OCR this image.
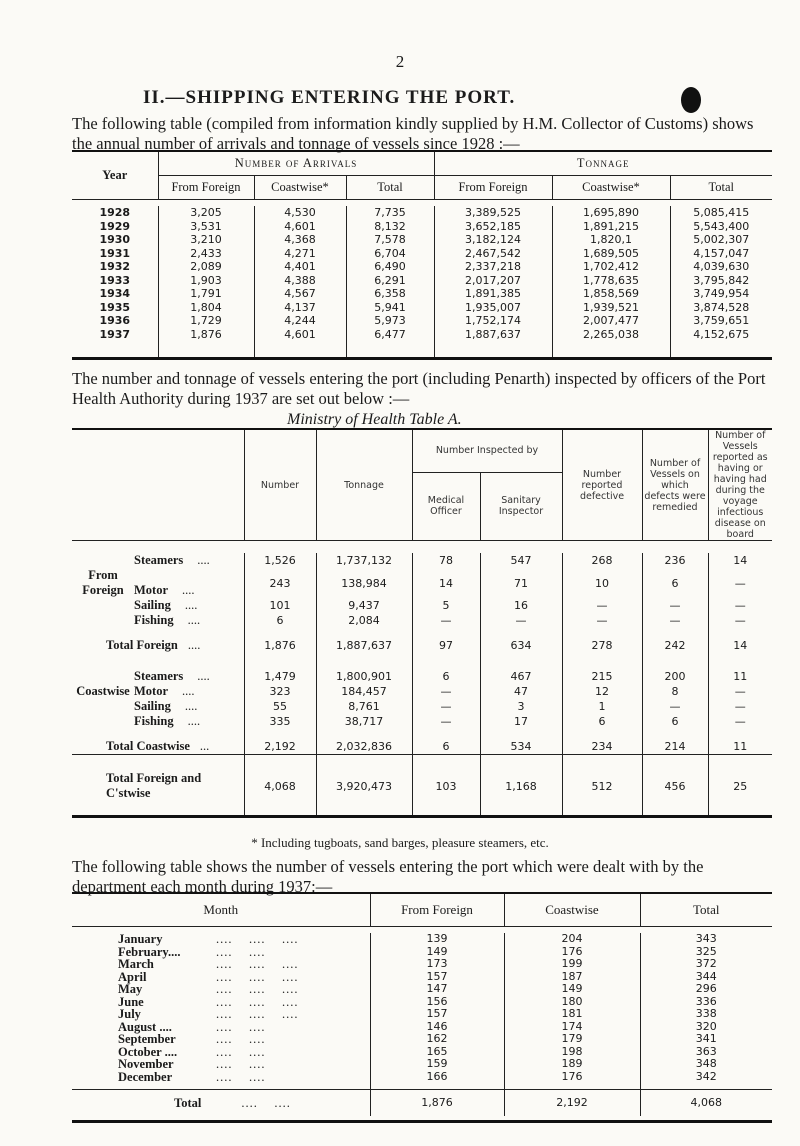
2
II.—SHIPPING ENTERING THE PORT.
The following table (compiled from information kindly supplied by H.M. Collector of Customs) shows the annual number of arrivals and tonnage of vessels since 1928 :—
Year	Number of Arrivals			Tonnage		
	From Foreign	Coastwise*	Total	From Foreign	Coastwise*	Total

1928	3,205	4,530	7,735	3,389,525	1,695,890	5,085,415
1929	3,531	4,601	8,132	3,652,185	1,891,215	5,543,400
1930	3,210	4,368	7,578	3,182,124	1,820,1	5,002,307
1931	2,433	4,271	6,704	2,467,542	1,689,505	4,157,047
1932	2,089	4,401	6,490	2,337,218	1,702,412	4,039,630
1933	1,903	4,388	6,291	2,017,207	1,778,635	3,795,842
1934	1,791	4,567	6,358	1,891,385	1,858,569	3,749,954
1935	1,804	4,137	5,941	1,935,007	1,939,521	3,874,528
1936	1,729	4,244	5,973	1,752,174	2,007,477	3,759,651
1937	1,876	4,601	6,477	1,887,637	2,265,038	4,152,675

The number and tonnage of vessels entering the port (including Penarth) inspected by officers of the Port Health Authority during 1937 are set out below :—
Ministry of Health Table A.
	Number	Tonnage	Number Inspected by		Number reported defective	Number of Vessels on which defects were remedied	Number of Vessels reported as having or having had during the voyage infectious disease on board
			Medical Officer	Sanitary Inspector			

Steamers ....	1,526	1,737,132	78	547	268	236	14
From Foreign Motor ....	243	138,984	14	71	10	6	—
Sailing ....	101	9,437	5	16	—	—	—
Fishing ....	6	2,084	—	—	—	—	—

Total Foreign ....	1,876	1,887,637	97	634	278	242	14

Steamers ....	1,479	1,800,901	6	467	215	200	11
Coastwise Motor ....	323	184,457	—	47	12	8	—
Sailing ....	55	8,761	—	3	1	—	—
Fishing ....	335	38,717	—	17	6	6	—

Total Coastwise ...	2,192	2,032,836	6	534	234	214	11

Total Foreign and C'stwise	4,068	3,920,473	103	1,168	512	456	25

* Including tugboats, sand barges, pleasure steamers, etc.
The following table shows the number of vessels entering the port which were dealt with by the department each month during 1937:—
Month	From Foreign	Coastwise	Total

January ....    ....    ....	139	204	343
February.... ....    ....	149	176	325
March ....    ....    ....	173	199	372
April ....    ....    ....	157	187	344
May ....    ....    ....	147	149	296
June ....    ....    ....	156	180	336
July ....    ....    ....	157	181	338
August .... ....    ....	146	174	320
September ....    ....	162	179	341
October .... ....    ....	165	198	363
November ....    ....	159	189	348
December ....    ....	166	176	342

Total ....    ....	1,876	2,192	4,068
